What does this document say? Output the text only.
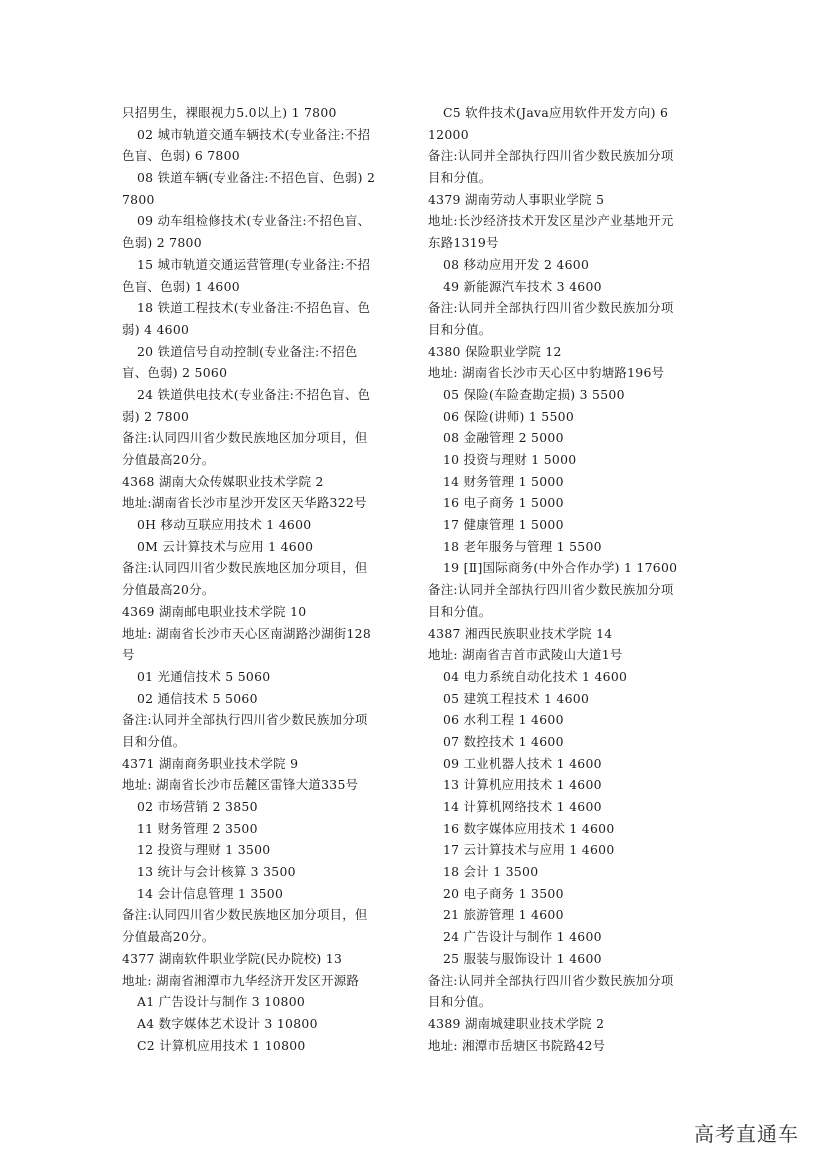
只招男生，裸眼视力5.0以上) 1 7800
02 城市轨道交通车辆技术(专业备注:不招
色盲、色弱) 6 7800
08 铁道车辆(专业备注:不招色盲、色弱) 2
7800
09 动车组检修技术(专业备注:不招色盲、
色弱) 2 7800
15 城市轨道交通运营管理(专业备注:不招
色盲、色弱) 1 4600
18 铁道工程技术(专业备注:不招色盲、色
弱) 4 4600
20 铁道信号自动控制(专业备注:不招色
盲、色弱) 2 5060
24 铁道供电技术(专业备注:不招色盲、色
弱) 2 7800
备注:认同四川省少数民族地区加分项目，但
分值最高20分。
4368 湖南大众传媒职业技术学院 2
地址:湖南省长沙市星沙开发区天华路322号
0H 移动互联应用技术 1 4600
0M 云计算技术与应用 1 4600
备注:认同四川省少数民族地区加分项目，但
分值最高20分。
4369 湖南邮电职业技术学院 10
地址: 湖南省长沙市天心区南湖路沙湖街128
号
01 光通信技术 5 5060
02 通信技术 5 5060
备注:认同并全部执行四川省少数民族加分项
目和分值。
4371 湖南商务职业技术学院 9
地址: 湖南省长沙市岳麓区雷锋大道335号
02 市场营销 2 3850
11 财务管理 2 3500
12 投资与理财 1 3500
13 统计与会计核算 3 3500
14 会计信息管理 1 3500
备注:认同四川省少数民族地区加分项目，但
分值最高20分。
4377 湖南软件职业学院(民办院校) 13
地址: 湖南省湘潭市九华经济开发区开源路
A1 广告设计与制作 3 10800
A4 数字媒体艺术设计 3 10800
C2 计算机应用技术 1 10800
C5 软件技术(Java应用软件开发方向) 6
12000
备注:认同并全部执行四川省少数民族加分项
目和分值。
4379 湖南劳动人事职业学院 5
地址:长沙经济技术开发区星沙产业基地开元
东路1319号
08 移动应用开发 2 4600
49 新能源汽车技术 3 4600
备注:认同并全部执行四川省少数民族加分项
目和分值。
4380 保险职业学院 12
地址: 湖南省长沙市天心区中豹塘路196号
05 保险(车险查勘定损) 3 5500
06 保险(讲师) 1 5500
08 金融管理 2 5000
10 投资与理财 1 5000
14 财务管理 1 5000
16 电子商务 1 5000
17 健康管理 1 5000
18 老年服务与管理 1 5500
19 [Ⅱ]国际商务(中外合作办学) 1 17600
备注:认同并全部执行四川省少数民族加分项
目和分值。
4387 湘西民族职业技术学院 14
地址: 湖南省吉首市武陵山大道1号
04 电力系统自动化技术 1 4600
05 建筑工程技术 1 4600
06 水利工程 1 4600
07 数控技术 1 4600
09 工业机器人技术 1 4600
13 计算机应用技术 1 4600
14 计算机网络技术 1 4600
16 数字媒体应用技术 1 4600
17 云计算技术与应用 1 4600
18 会计 1 3500
20 电子商务 1 3500
21 旅游管理 1 4600
24 广告设计与制作 1 4600
25 服装与服饰设计 1 4600
备注:认同并全部执行四川省少数民族加分项
目和分值。
4389 湖南城建职业技术学院 2
地址: 湘潭市岳塘区书院路42号
高考直通车
